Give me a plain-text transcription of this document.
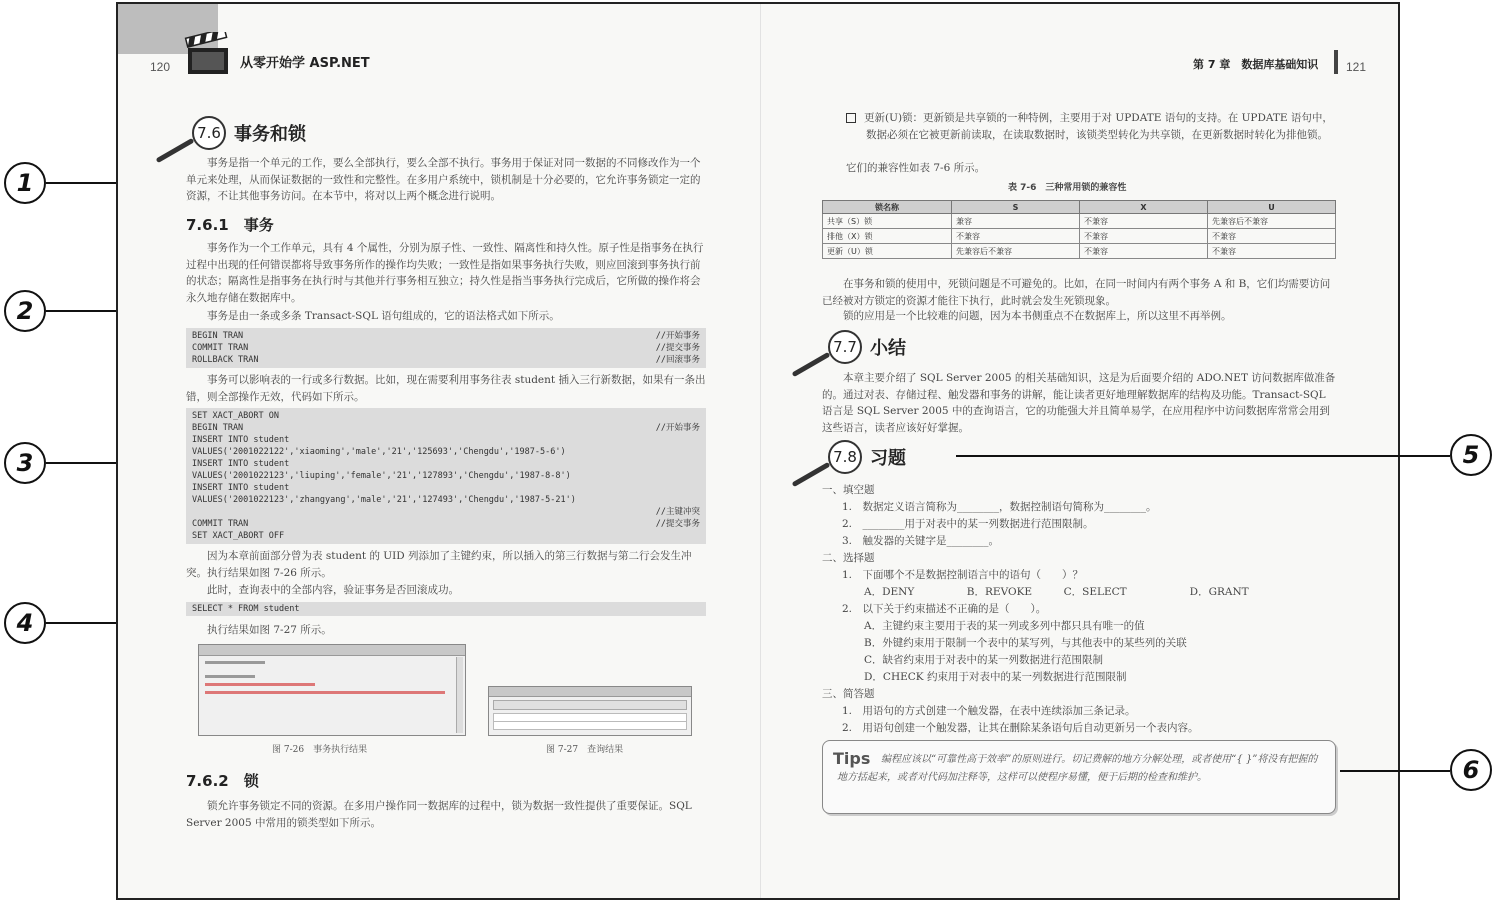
1
2
3
4
120	从零开始学 ASP.NET	第 7 章　数据库基础知识 121
7.6 事务和锁
事务是指一个单元的工作，要么全部执行，要么全部不执行。事务用于保证对同一数据的不同修改作为一个单元来处理，从而保证数据的一致性和完整性。在多用户系统中，锁机制是十分必要的，它允许事务锁定一定的资源，不让其他事务访问。在本节中，将对以上两个概念进行说明。
7.6.1　事务
事务作为一个工作单元，具有 4 个属性，分别为原子性、一致性、隔离性和持久性。原子性是指事务在执行过程中出现的任何错误都将导致事务所作的操作均失败；一致性是指如果事务执行失败，则应回滚到事务执行前的状态；隔离性是指事务在执行时与其他并行事务相互独立；持久性是指当事务执行完成后，它所做的操作将会永久地存储在数据库中。
事务是由一条或多条 Transact-SQL 语句组成的，它的语法格式如下所示。
BEGIN TRAN	//开始事务
COMMIT TRAN	//提交事务
ROLLBACK TRAN	//回滚事务
事务可以影响表的一行或多行数据。比如，现在需要利用事务往表 student 插入三行新数据，如果有一条出错，则全部操作无效，代码如下所示。
SET XACT_ABORT ON
BEGIN TRAN	//开始事务
INSERT INTO student
VALUES('2001022122','xiaoming','male','21','125693','Chengdu','1987-5-6')
INSERT INTO student
VALUES('2001022123','liuping','female','21','127893','Chengdu','1987-8-8')
INSERT INTO student
VALUES('2001022123','zhangyang','male','21','127493','Chengdu','1987-5-21')
//主键冲突
COMMIT TRAN	//提交事务
SET XACT_ABORT OFF
因为本章前面部分曾为表 student 的 UID 列添加了主键约束，所以插入的第三行数据与第二行会发生冲突。执行结果如图 7-26 所示。
此时，查询表中的全部内容，验证事务是否回滚成功。
SELECT * FROM student
执行结果如图 7-27 所示。
图 7-26　事务执行结果	图 7-27　查询结果
7.6.2　锁
锁允许事务锁定不同的资源。在多用户操作同一数据库的过程中，锁为数据一致性提供了重要保证。SQL Server 2005 中常用的锁类型如下所示。
更新(U)锁：更新锁是共享锁的一种特例，主要用于对 UPDATE 语句的支持。在 UPDATE 语句中，数据必须在它被更新前读取，在读取数据时，该锁类型转化为共享锁，在更新数据时转化为排他锁。
它们的兼容性如表 7-6 所示。
表 7-6　三种常用锁的兼容性
锁名称	S	X	U
共享（S）锁	兼容	不兼容	先兼容后不兼容
排他（X）锁	不兼容	不兼容	不兼容
更新（U）锁	先兼容后不兼容	不兼容	不兼容
在事务和锁的使用中，死锁问题是不可避免的。比如，在同一时间内有两个事务 A 和 B，它们均需要访问已经被对方锁定的资源才能往下执行，此时就会发生死锁现象。
锁的应用是一个比较难的问题，因为本书侧重点不在数据库上，所以这里不再举例。
7.7 小结
本章主要介绍了 SQL Server 2005 的相关基础知识，这是为后面要介绍的 ADO.NET 访问数据库做准备的。通过对表、存储过程、触发器和事务的讲解，能让读者更好地理解数据库的结构及功能。Transact-SQL 语言是 SQL Server 2005 中的查询语言，它的功能强大并且简单易学，在应用程序中访问数据库常常会用到这些语言，读者应该好好掌握。
7.8 习题
一、填空题
1.　数据定义语言简称为________，数据控制语句简称为________。
2.　________用于对表中的某一列数据进行范围限制。
3.　触发器的关键字是________。
二、选择题
1.　下面哪个不是数据控制语言中的语句（　　）？
A．DENY　　　　　B．REVOKE　　　C．SELECT　　　　　　D．GRANT
2.　以下关于约束描述不正确的是（　　）。
A．主键约束主要用于表的某一列或多列中都只具有唯一的值
B．外键约束用于限制一个表中的某写列，与其他表中的某些列的关联
C．缺省约束用于对表中的某一列数据进行范围限制
D．CHECK 约束用于对表中的某一列数据进行范围限制
三、简答题
1.　用语句的方式创建一个触发器，在表中连续添加三条记录。
2.　用语句创建一个触发器，让其在删除某条语句后自动更新另一个表内容。
Tips	编程应该以“可靠性高于效率”的原则进行。切记费解的地方分解处理，或者使用“{ }”将没有把握的地方括起来，或者对代码加注释等，这样可以使程序易懂，便于后期的检查和维护。
5
6
